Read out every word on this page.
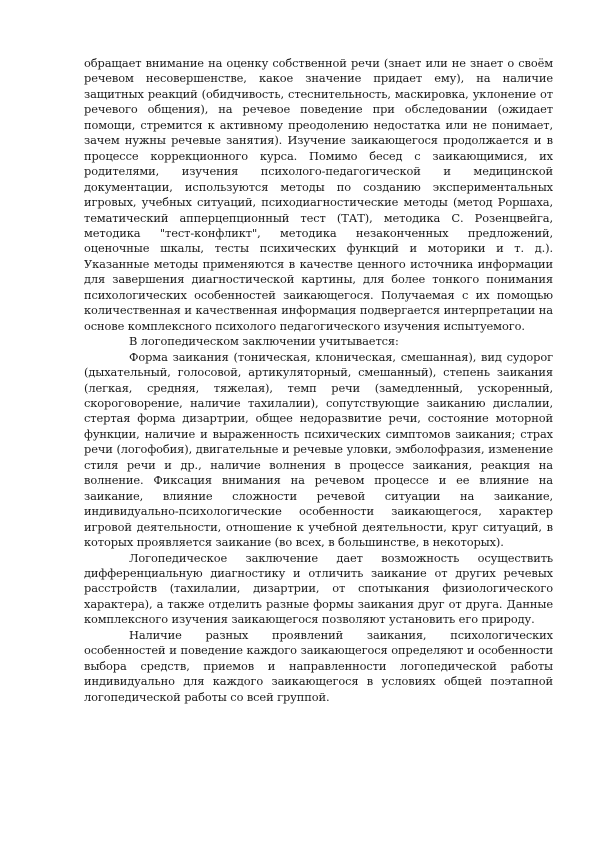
обращает внимание на оценку собственной речи (знает или не знает о своём речевом несовершенстве, какое значение придает ему), на наличие защитных реакций (обидчивость, стеснительность, маскировка, уклонение от речевого общения), на речевое поведение при обследовании (ожидает помощи, стремится к активному преодолению недостатка или не понимает, зачем нужны речевые занятия). Изучение заикающегося продолжается и в процессе коррекционного курса. Помимо бесед с заикающимися, их родителями, изучения психолого-педагогической и медицинской документации, используются методы по созданию экспериментальных игровых, учебных ситуаций, психодиагностические методы (метод Роршаха, тематический апперцепционный тест (ТАТ), методика С. Розенцвейга, методика "тест-конфликт", методика незаконченных предложений, оценочные шкалы, тесты психических функций и моторики и т. д.). Указанные методы применяются в качестве ценного источника информации для завершения диагностической картины, для более тонкого понимания психологических особенностей заикающегося. Получаемая с их помощью количественная и качественная информация подвергается интерпретации на основе комплексного психолого педагогического изучения испытуемого.

В логопедическом заключении учитывается:

Форма заикания (тоническая, клоническая, смешанная), вид судорог (дыхательный, голосовой, артикуляторный, смешанный), степень заикания (легкая, средняя, тяжелая), темп речи (замедленный, ускоренный, скороговорение, наличие тахилалии), сопутствующие заиканию дислалии, стертая форма дизартрии, общее недоразвитие речи, состояние моторной функции, наличие и выраженность психических симптомов заикания; страх речи (логофобия), двигательные и речевые уловки, эмболофразия, изменение стиля речи и др., наличие волнения в процессе заикания, реакция на волнение. Фиксация внимания на речевом процессе и ее влияние на заикание, влияние сложности речевой ситуации на заикание, индивидуально-психологические особенности заикающегося, характер игровой деятельности, отношение к учебной деятельности, круг ситуаций, в которых проявляется заикание (во всех, в большинстве, в некоторых).

Логопедическое заключение дает возможность осуществить дифференциальную диагностику и отличить заикание от других речевых расстройств (тахилалии, дизартрии, от спотыкания физиологического характера), а также отделить разные формы заикания друг от друга. Данные комплексного изучения заикающегося позволяют установить его природу.

Наличие разных проявлений заикания, психологических особенностей и поведение каждого заикающегося определяют и особенности выбора средств, приемов и направленности логопедической работы индивидуально для каждого заикающегося в условиях общей поэтапной логопедической работы со всей группой.
